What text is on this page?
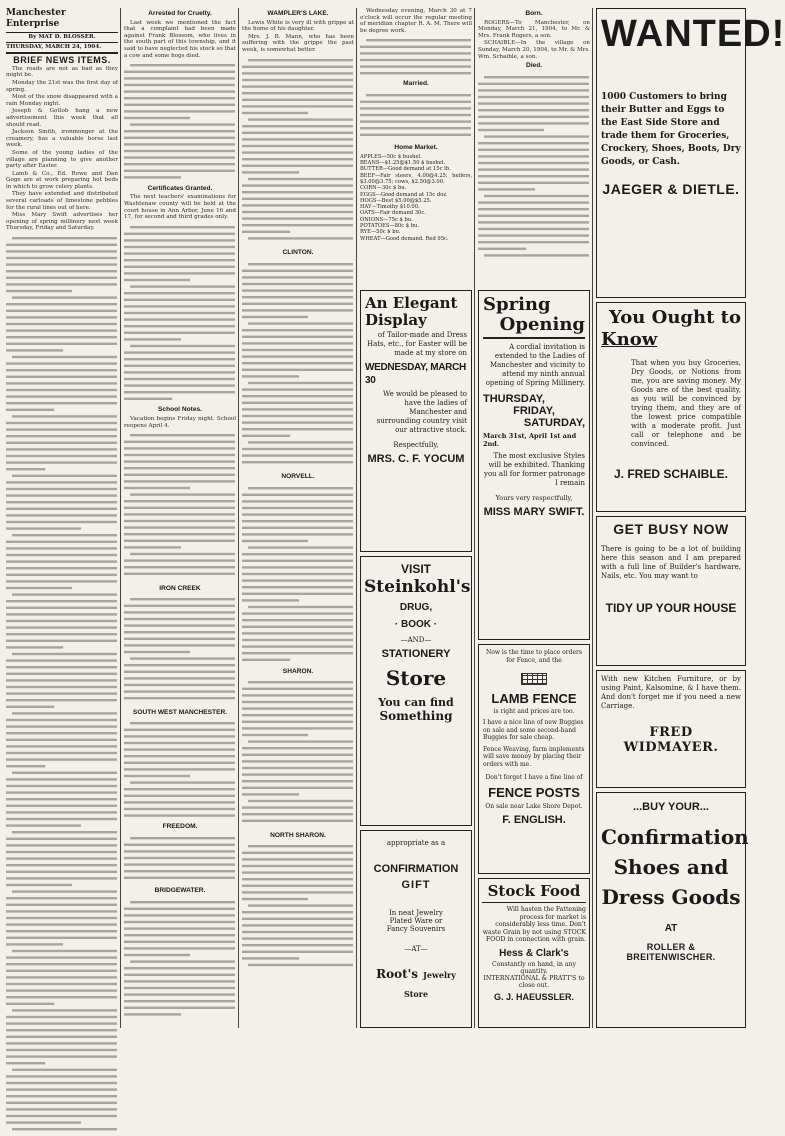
Manchester Enterprise
By MAT D. BLOSSER.
THURSDAY, MARCH 24, 1904.
BRIEF NEWS ITEMS.

The roads are not as bad as they might be.

Monday the 21st was the first day of spring.

Most of the snow disappeared with a rain Monday night.

Joseph & Gotlob hang a new advertisement this week that all should read.

Jackson Smith, ironmonger at the creamery, has a valuable horse last week.

Some of the young ladies of the village are planning to give another party after Easter.

Lamb & Co., Ed. Rowe and Dan Goge are at work preparing hot beds in which to grow celery plants.

They have extended and distributed several carloads of limestone pebbles for the rural lines out of here.

Miss Mary Swift advertises her opening of spring millinery next week Thursday, Friday and Saturday.

Arrested for Cruelty.

Last week we mentioned the fact that a complaint had been made against Frank Blossom, who lives in the south part of this township, and it said to have neglected his stock so that a cow and some hogs died.

Certificates Granted.

The next teachers' examinations for Washtenaw county will be held at the court house in Ann Arbor, June 16 and 17, for second and third grades only.

School Notes.

Vacation begins Friday night. School reopens April 4.

IRON CREEK
SOUTH WEST MANCHESTER.
FREEDOM.
BRIDGEWATER.
WAMPLER'S LAKE.

Lewis White is very ill with grippe at the home of his daughter.

Mrs. J. B. Mann, who has been suffering with the grippe the past week, is somewhat better.

CLINTON.
NORVELL.
SHARON.
NORTH SHARON.

Wednesday evening, March 30 at 7 o'clock will occur the regular meeting of meridian chapter R. A. M. There will be degree work.

Married.
Home Market.
APPLES—50c $ bushel.
BEANS—$1.25@$1.50 $ bushel.
BUTTER—Good demand at 15c lb.
BEEF—Fair steers, 4.00@4.25; heifers, $3.00@3.75; cows, $2.50@3.00.
CORN—30c $ bu.
EGGS—Good demand at 15c doz.
HOGS—Best $5.00@$5.25.
HAY—Timothy $10.00.
OATS—Fair demand 30c.
ONIONS—75c $ bu.
POTATOES—80c $ bu.
RYE—50c $ bu.
WHEAT—Good demand. Red 95c.
An Elegant
Display
of Tailor-made and Dress Hats, etc., for Easter will be made at my store on
WEDNESDAY, MARCH 30
We would be pleased to have the ladies of Manchester and surrounding country visit our attractive stock.
Respectfully,
MRS. C. F. YOCUM
VISIT
Steinkohl's
DRUG,
· BOOK ·
—AND—
STATIONERY
Store
You can find
Something
appropriate as a
CONFIRMATION
GIFT
In neat Jewelry
Plated Ware or
Fancy Souvenirs
—AT—
Root's Jewelry Store
Born.

ROGERS—To Manchester, on Monday, March 21, 1904, to Mr. & Mrs. Frank Rogers, a son.

SCHAIBLE—In the village on Sunday, March 20, 1904, to Mr. & Mrs. Wm. Schaible, a son.

Died.
Spring
Opening
A cordial invitation is extended to the Ladies of Manchester and vicinity to attend my ninth annual opening of Spring Millinery.
THURSDAY,
FRIDAY,
SATURDAY,
March 31st, April 1st and 2nd.
The most exclusive Styles will be exhibited. Thanking you all for former patronage I remain
Yours very respectfully,
MISS MARY SWIFT.
Now is the time to place orders for Fence, and the
LAMB FENCE
is right and prices are too.
I have a nice line of new Buggies on sale and some second-hand Buggies for sale cheap.
Fence Weaving, farm implements will save money by placing their orders with me.
Don't forget I have a fine line of
FENCE POSTS
On sale near Lake Shore Depot.
F. ENGLISH.
Stock Food
Will hasten the Fattening process for market is considerably less time. Don't waste Grain by not using STOCK FOOD in connection with grain.
Hess & Clark's
Constantly on hand, in any quantity.
INTERNATIONAL & PRATT'S to close out.
G. J. HAEUSSLER.
WANTED!
1000 Customers to bring their Butter and Eggs to the East Side Store and trade them for Groceries, Crockery, Shoes, Boots, Dry Goods, or Cash.
JAEGER & DIETLE.
You Ought to
Know
That when you buy Groceries, Dry Goods, or Notions from me, you are saving money. My Goods are of the best quality, as you will be convinced by trying them, and they are of the lowest price compatible with a moderate profit. Just call or telephone and be convinced.
J. FRED SCHAIBLE.
GET BUSY NOW
There is going to be a lot of building here this season and I am prepared with a full line of Builder's hardware, Nails, etc. You may want to
TIDY UP YOUR HOUSE
With new Kitchen Furniture, or by using Paint, Kalsomine, & I have them. And don't forget me if you need a new Carriage.
FRED WIDMAYER.
...BUY YOUR...
Confirmation
Shoes and
Dress Goods
AT
ROLLER & BREITENWISCHER.
